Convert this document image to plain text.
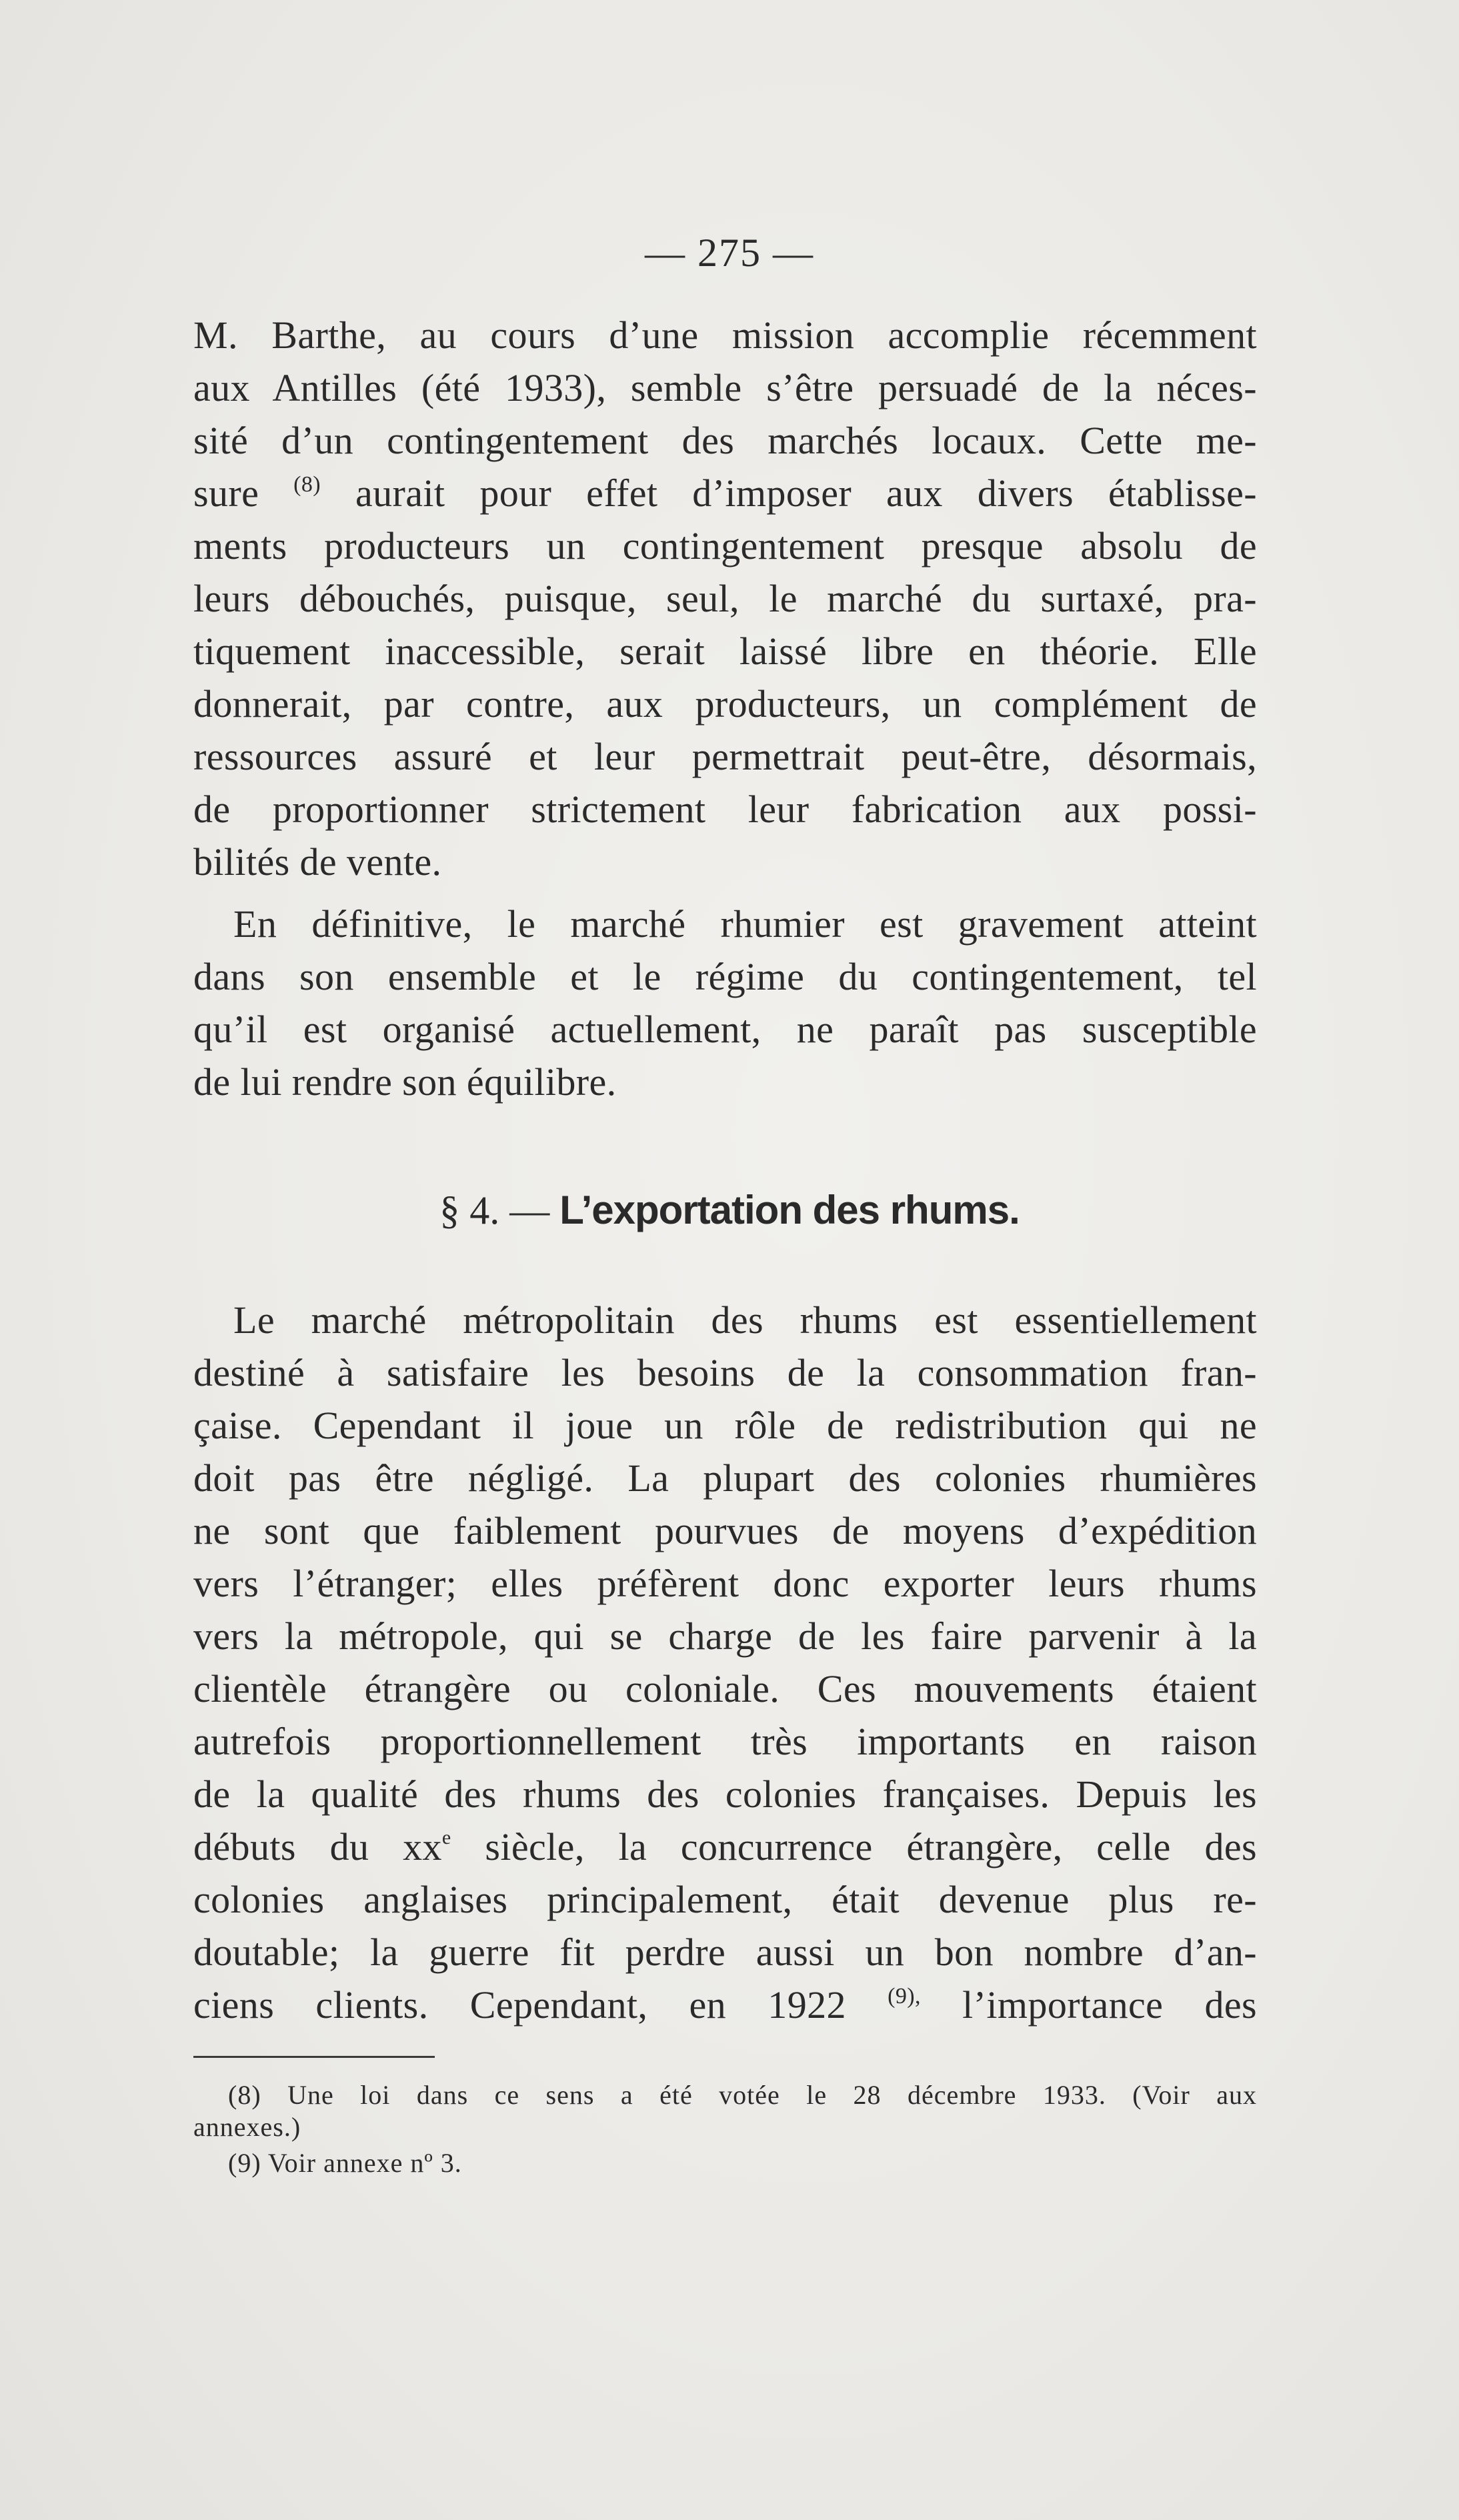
— 275 —
M. Barthe, au cours d’une mission accomplie récemment
aux Antilles (été 1933), semble s’être persuadé de la néces-
sité d’un contingentement des marchés locaux. Cette me-
sure $^{(8)}$ aurait pour effet d’imposer aux divers établisse-
ments producteurs un contingentement presque absolu de
leurs débouchés, puisque, seul, le marché du surtaxé, pra-
tiquement inaccessible, serait laissé libre en théorie. Elle
donnerait, par contre, aux producteurs, un complément de
ressources assuré et leur permettrait peut-être, désormais,
de proportionner strictement leur fabrication aux possi-
bilités de vente.
En définitive, le marché rhumier est gravement atteint
dans son ensemble et le régime du contingentement, tel
qu’il est organisé actuellement, ne paraît pas susceptible
de lui rendre son équilibre.
§ 4. — L’exportation des rhums.
Le marché métropolitain des rhums est essentiellement
destiné à satisfaire les besoins de la consommation fran-
çaise. Cependant il joue un rôle de redistribution qui ne
doit pas être négligé. La plupart des colonies rhumières
ne sont que faiblement pourvues de moyens d’expédition
vers l’étranger; elles préfèrent donc exporter leurs rhums
vers la métropole, qui se charge de les faire parvenir à la
clientèle étrangère ou coloniale. Ces mouvements étaient
autrefois proportionnellement très importants en raison
de la qualité des rhums des colonies françaises. Depuis les
débuts du $xx^e$ siècle, la concurrence étrangère, celle des
colonies anglaises principalement, était devenue plus re-
doutable; la guerre fit perdre aussi un bon nombre d’an-
ciens clients. Cependant, en 1922 $^{(9),}$ l’importance des
(8) Une loi dans ce sens a été votée le 28 décembre 1933. (Voir aux
annexes.)
(9) Voir annexe nº 3.
